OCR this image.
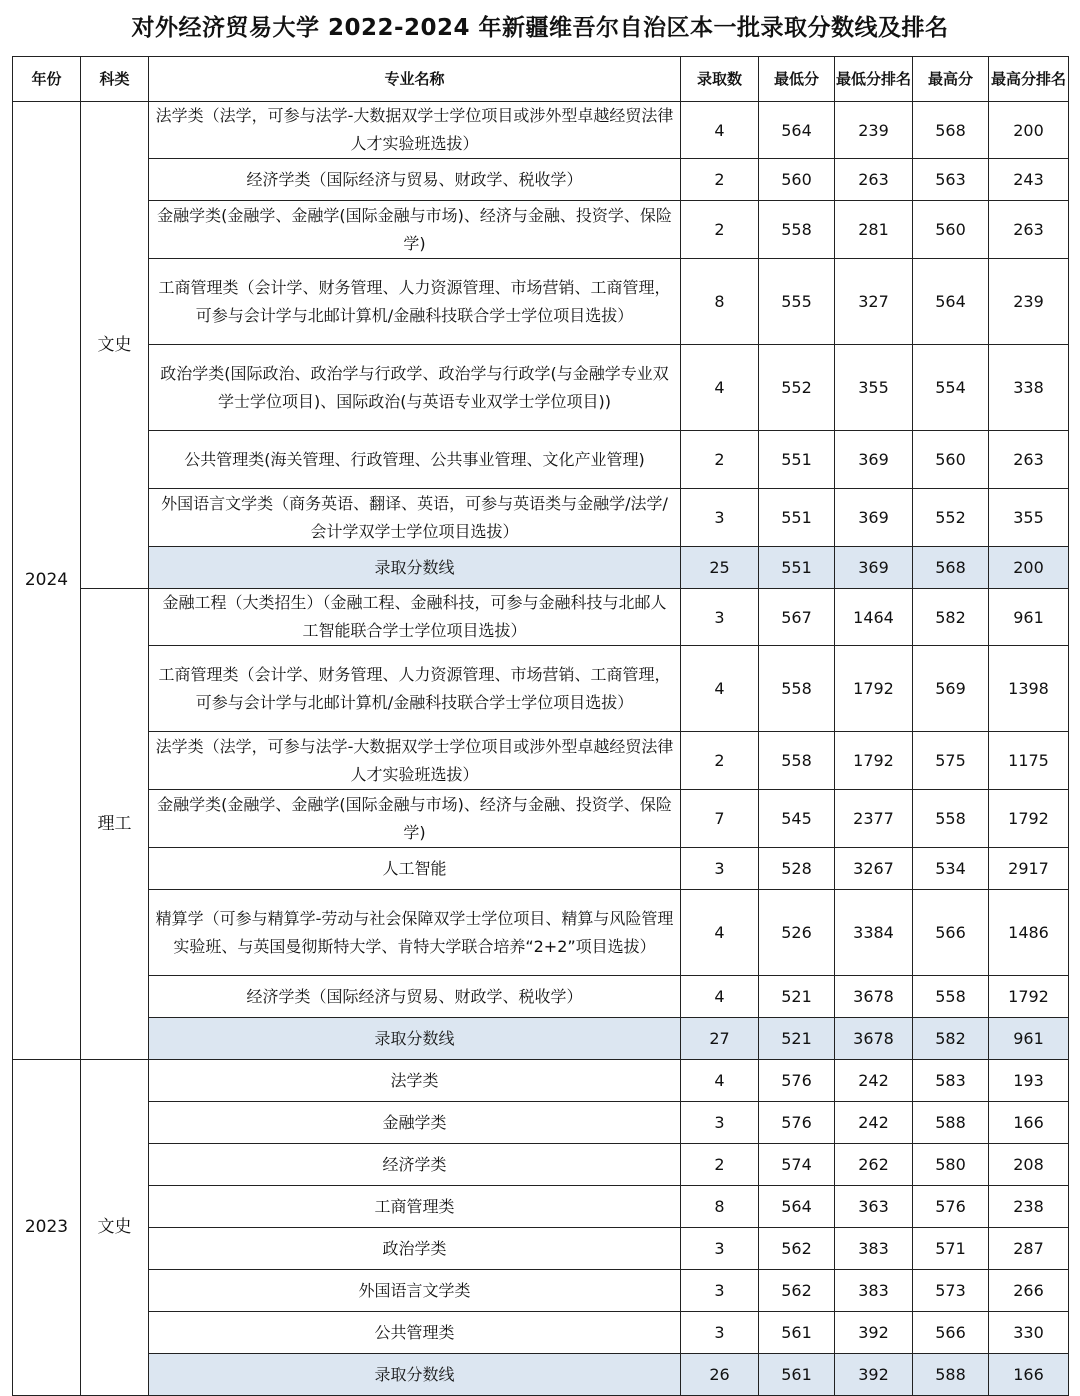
对外经济贸易大学 2022-2024 年新疆维吾尔自治区本一批录取分数线及排名
年份	科类	专业名称	录取数	最低分	最低分排名	最高分	最高分排名
2024	文史	法学类（法学，可参与法学-大数据双学士学位项目或涉外型卓越经贸法律人才实验班选拔）	4	564	239	568	200
		经济学类（国际经济与贸易、财政学、税收学）	2	560	263	563	243
		金融学类(金融学、金融学(国际金融与市场)、经济与金融、投资学、保险学)	2	558	281	560	263
		工商管理类（会计学、财务管理、人力资源管理、市场营销、工商管理，可参与会计学与北邮计算机/金融科技联合学士学位项目选拔）	8	555	327	564	239
		政治学类(国际政治、政治学与行政学、政治学与行政学(与金融学专业双学士学位项目)、国际政治(与英语专业双学士学位项目))	4	552	355	554	338
		公共管理类(海关管理、行政管理、公共事业管理、文化产业管理)	2	551	369	560	263
		外国语言文学类（商务英语、翻译、英语，可参与英语类与金融学/法学/会计学双学士学位项目选拔）	3	551	369	552	355
		录取分数线	25	551	369	568	200
	理工	金融工程（大类招生）（金融工程、金融科技，可参与金融科技与北邮人工智能联合学士学位项目选拔）	3	567	1464	582	961
		工商管理类（会计学、财务管理、人力资源管理、市场营销、工商管理，可参与会计学与北邮计算机/金融科技联合学士学位项目选拔）	4	558	1792	569	1398
		法学类（法学，可参与法学-大数据双学士学位项目或涉外型卓越经贸法律人才实验班选拔）	2	558	1792	575	1175
		金融学类(金融学、金融学(国际金融与市场)、经济与金融、投资学、保险学)	7	545	2377	558	1792
		人工智能	3	528	3267	534	2917
		精算学（可参与精算学-劳动与社会保障双学士学位项目、精算与风险管理实验班、与英国曼彻斯特大学、肯特大学联合培养“2+2”项目选拔）	4	526	3384	566	1486
		经济学类（国际经济与贸易、财政学、税收学）	4	521	3678	558	1792
		录取分数线	27	521	3678	582	961
2023	文史	法学类	4	576	242	583	193
		金融学类	3	576	242	588	166
		经济学类	2	574	262	580	208
		工商管理类	8	564	363	576	238
		政治学类	3	562	383	571	287
		外国语言文学类	3	562	383	573	266
		公共管理类	3	561	392	566	330
		录取分数线	26	561	392	588	166
